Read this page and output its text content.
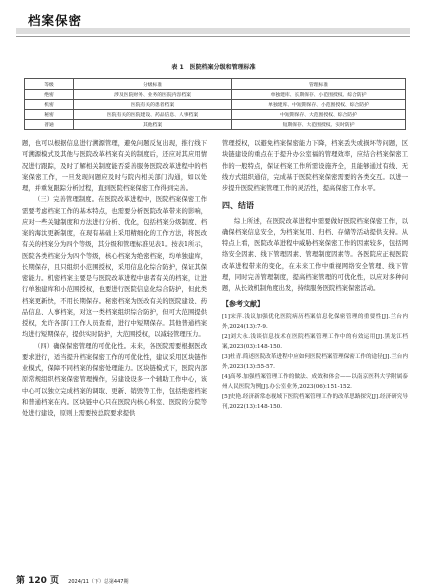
档案保密
表 1　医院档案分级和管理标准
等级	分级标准	管理标准
绝密	涉及医院财务、业务的医院内容档案	单独建库、长期保存、小范围授权、综合防护
机密	医院有关的患者档案	单独建库、中短期保存、小范围授权、综合防护
秘密	医院有关的医院建设、药品信息、人事档案	中短期保存、大范围授权、综合防护
普通	其他档案	短期保存、大范围授权、实时防护

题，也可以根据信息进行溯源管理，避免问题反复出现，推行线下可溯源模式及其他与医院改革档案有关的制度后，还应对其应用情况进行跟踪，及时了解相关制度能否妥善服务医院改革进程中的档案保密工作，一旦发现问题应及时与院内相关部门沟通，如以处理，并重复跟踪分析过程，直到医院档案保密工作得到完善。

（三）完善管理制度。在医院改革进程中，医院档案保密工作需要考虑档案工作的基本特点，也需要分析医院改革带来的影响，应对一些关键制度和方法进行分析、优化，包括档案分级制度、档案的海汰更新制度，在现有基础上采用精细化的工作方法，将医改有关的档案分为四个等级，其分级和管理标准见表1。按表1所示，医院各类档案分为四个等级，核心档案为绝密档案，均单独建库，长期保存，且只组织小范围授权，采用信息化综合防护，保证其保密能力。机密档案主要是与医院改革进程中患者有关的档案，让进行单独建库和小范围授权，也要进行医院信息化综合防护，但此类档案更新快，不用长期保存。秘密档案为医改有关的医院建设、药品信息、人事档案，对这一类档案组织综合防护，但可大范围提供授权，允许各部门工作人员查看，进行中短期保存。其他普通档案均进行短期保存，提供实时防护，大范围授权，以减轻管理压力。

（四）确保保密管理的可优化性。未来，各医院需要根据医改要求进行，适当提升档案保密工作的可优化性，建议采用区块链作业模式，保障不同档案的保密处理能力。区块链模式下，医院内部原常规组织档案保密管理操作，另建设设多一个辅助工作中心，该中心可以独立完成档案的调取、更新、销毁等工作，包括绝密档案和普通档案在内。区块链中心只在医院内核心科室、医院的分院等处进行建设，原则上需要按总院要求提供

管理授权，以避免档案保密能力下降，档案丢失或损坏等问题，区块链建设的重点在于提升办公室福的管理效率，应结合档案保密工作的一般特点，保证档案工作所需设施齐全，且能够通过有线、无线方式组织通信，完成基于医院档案保密需要的各类交互。以进一步提升医院档案管理工作的灵活性，提高保密工作水平。

四、结语

综上所述，在医院改革进程中需要做好医院档案保密工作，以确保档案信息安全，为档案复用、归档、存储等活动提供支持。从特点上看，医院改革进程中威胁档案保密工作的因素较多，包括网络安全因素、线下管理因素、管理制度因素等。各医院应正视医院改革进程带来的变化，在未来工作中重视网络安全管理、线下管理，同时完善管理制度，提高档案管理的可优化性，以应对多种问题，从长效机制角度出发，持续服务医院档案保密活动。

【参考文献】
[1]宋萍.浅议加强优化医院病历档案信息化保密管理的重要性[J].兰台内外,2024(13):7-9.
[2]刘大永.浅谈信息技术在医院档案管理工作中的有效运用[J].黑龙江档案,2023(03):148-150.
[3]杜青.简述医院改革进程中应如何医院档案管理保密工作的途径[J].兰台内外,2023(13):55-57.
[4]高琴.加强档案管理工作的做法、成效和体会——以南京医科大学附属泰州人民医院为例[J].办公室业务,2023(06):151-152.
[5]史艳.经济新常态视域下医院档案管理工作的改革思路探究[J].经济研究导刊,2022(13):148-150.
第 120 页 2024/11（下）总第447期
